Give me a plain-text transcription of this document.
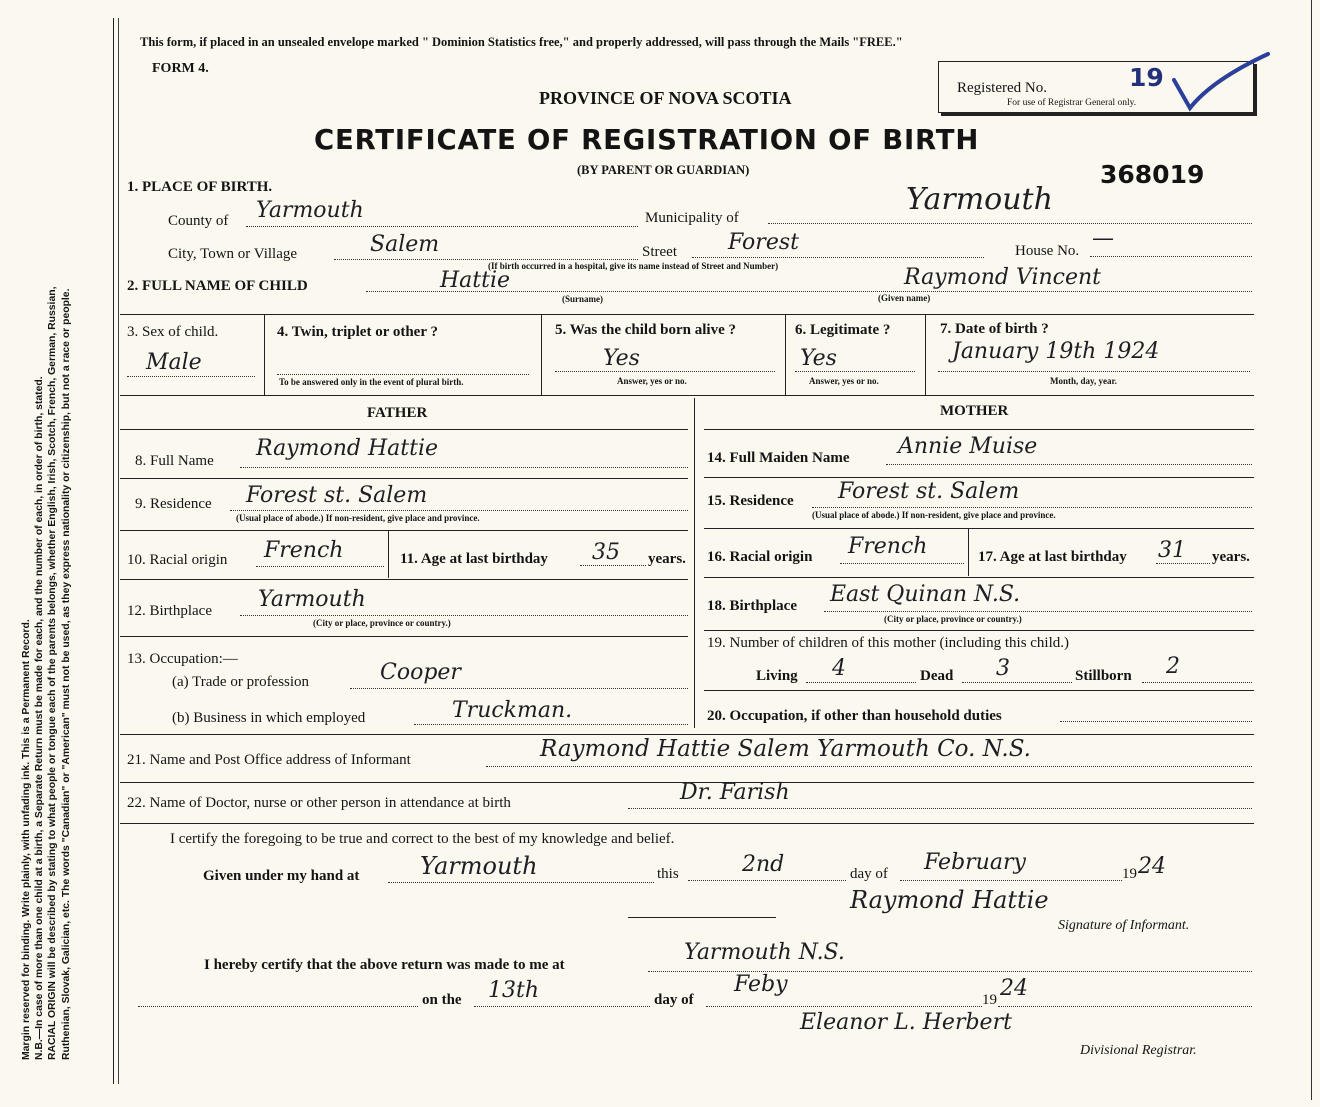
Margin reserved for binding. Write plainly, with unfading ink. This is a Permanent Record. N.B.—In case of more than one child at a birth, a Separate Return must be made for each, and the number of each, in order of birth, stated. RACIAL ORIGIN will be described by stating to what people or tongue each of the parents belongs, whether English, Irish, Scotch, French, German, Russian, Ruthenian, Slovak, Galician, etc. The words "Canadian" or "American" must not be used, as they express nationality or citizenship, but not a race or people.
This form, if placed in an unsealed envelope marked " Dominion Statistics free," and properly addressed, will pass through the Mails "FREE."
FORM 4.
PROVINCE OF NOVA SCOTIA	Registered No.	19
For use of Registrar General only.
CERTIFICATE OF REGISTRATION OF BIRTH
(BY PARENT OR GUARDIAN)	368019
1. PLACE OF BIRTH.
County of Yarmouth	Municipality of
Yarmouth
City, Town or Village	Salem	Street Forest	House No. —
(If birth occurred in a hospital, give its name instead of Street and Number)
2. FULL NAME OF CHILD	Hattie
(Surname)
Raymond Vincent
(Given name)
3. Sex of child.
Male
4. Twin, triplet or other ?
To be answered only in the event of plural birth.
5. Was the child born alive ?
Yes
Answer, yes or no.
6. Legitimate ?
Yes
Answer, yes or no.
7. Date of birth ?
January 19th 1924
Month, day, year.
FATHER	MOTHER
8. Full Name Raymond Hattie
9. Residence Forest st. Salem
(Usual place of abode.) If non-resident, give place and province.
10. Racial origin French	11. Age at last birthday 35 years.
12. Birthplace Yarmouth
(City or place, province or country.)
13. Occupation:—
(a) Trade or profession	Cooper
(b) Business in which employed	Truckman.
14. Full Maiden Name Annie Muise
15. Residence Forest st. Salem
(Usual place of abode.) If non-resident, give place and province.
16. Racial origin French	17. Age at last birthday 31 years.
18. Birthplace East Quinan N.S.
(City or place, province or country.)
19. Number of children of this mother (including this child.)
Living 4	Dead 3	Stillborn 2
20. Occupation, if other than household duties
21. Name and Post Office address of Informant	Raymond Hattie Salem Yarmouth Co. N.S.
22. Name of Doctor, nurse or other person in attendance at birth	Dr. Farish
I certify the foregoing to be true and correct to the best of my knowledge and belief.
Given under my hand at	Yarmouth	this	2nd	day of February	19 24
Raymond Hattie
Signature of Informant.
I hereby certify that the above return was made to me at	Yarmouth N.S.
on the 13th	day of
Feby
19 24
Eleanor L. Herbert
Divisional Registrar.
